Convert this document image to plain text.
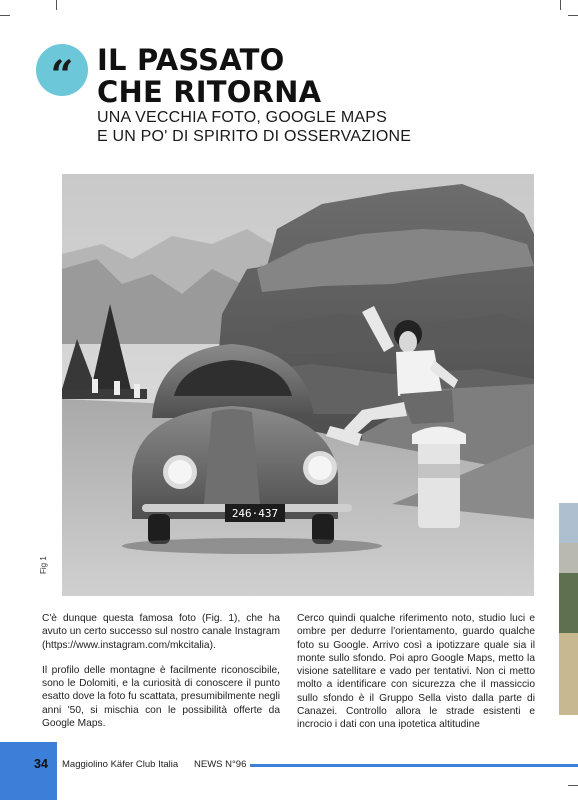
“ IL PASSATO
CHE RITORNA
UNA VECCHIA FOTO, GOOGLE MAPS
E UN PO' DI SPIRITO DI OSSERVAZIONE
246·437
Fig 1

C'è dunque questa famosa foto (Fig. 1), che ha avuto un certo successo sul nostro canale Instagram (https://www.instagram.com/mkcitalia).

Il profilo delle montagne è facilmente riconoscibile, sono le Dolomiti, e la curiosità di conoscere il punto esatto dove la foto fu scattata, presumibilmente negli anni '50, si mischia con le possibilità offerte da Google Maps.

Cerco quindi qualche riferimento noto, studio luci e ombre per dedurre l'orientamento, guardo qualche foto su Google. Arrivo così a ipotizzare quale sia il monte sullo sfondo. Poi apro Google Maps, metto la visione satellitare e vado per tentativi. Non ci metto molto a identificare con sicurezza che il massiccio sullo sfondo è il Gruppo Sella visto dalla parte di Canazei. Controllo allora le strade esistenti e incrocio i dati con una ipotetica altitudine

34 Maggiolino Käfer Club Italia NEWS N°96
